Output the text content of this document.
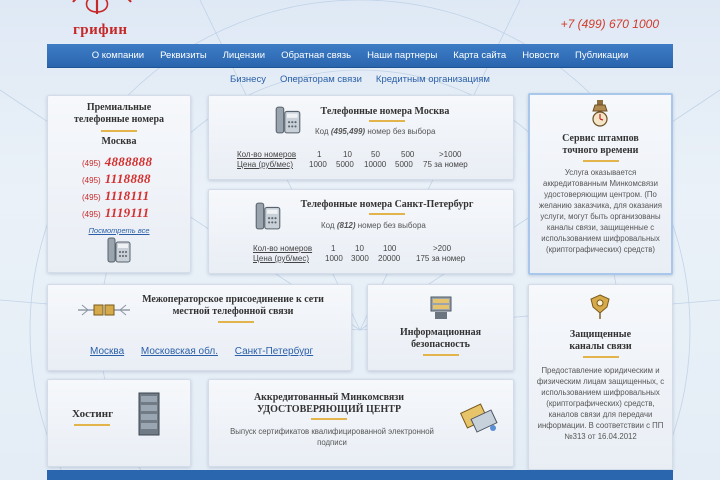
грифин	+7 (499) 670 1000
О компании	Реквизиты	Лицензии	Обратная связь	Наши партнеры	Карта сайта	Новости	Публикации
Бизнесу Операторам связи Кредитным организациям
Премиальные
телефонные номера
Москва
(495) 4888888
(495) 1118888
(495) 1118111
(495) 1119111
Посмотреть все
Телефонные номера Москва
Код (495,499) номер без выбора
Кол-во номеров	1	10	50	500	>1000
Цена (руб/мес)	1000	5000	10000	5000	75 за номер
Телефонные номера Санкт-Петербург
Код (812) номер без выбора
Кол-во номеров	1	10	100	>200
Цена (руб/мес)	1000	3000	20000	175 за номер
Сервис штампов
точного времени
Услуга оказывается аккредитованным Минкомсвязи удостоверяющим центром. (По желанию заказчика, для оказания услуги, могут быть организованы каналы связи, защищенные с использованием шифровальных (криптографических) средств)
Межоператорское присоединение к сети
местной телефонной связи
Москва Московская обл. Санкт-Петербург
Информационная
безопасность
Защищенные
каналы связи
Предоставление юридическим и физическим лицам защищенных, с использованием шифровальных (криптографических) средств, каналов связи для передачи информации. В соответствии с ПП №313 от 16.04.2012
Хостинг
Аккредитованный Минкомсвязи
УДОСТОВЕРЯЮЩИЙ ЦЕНТР
Выпуск сертификатов квалифицированной электронной подписи
